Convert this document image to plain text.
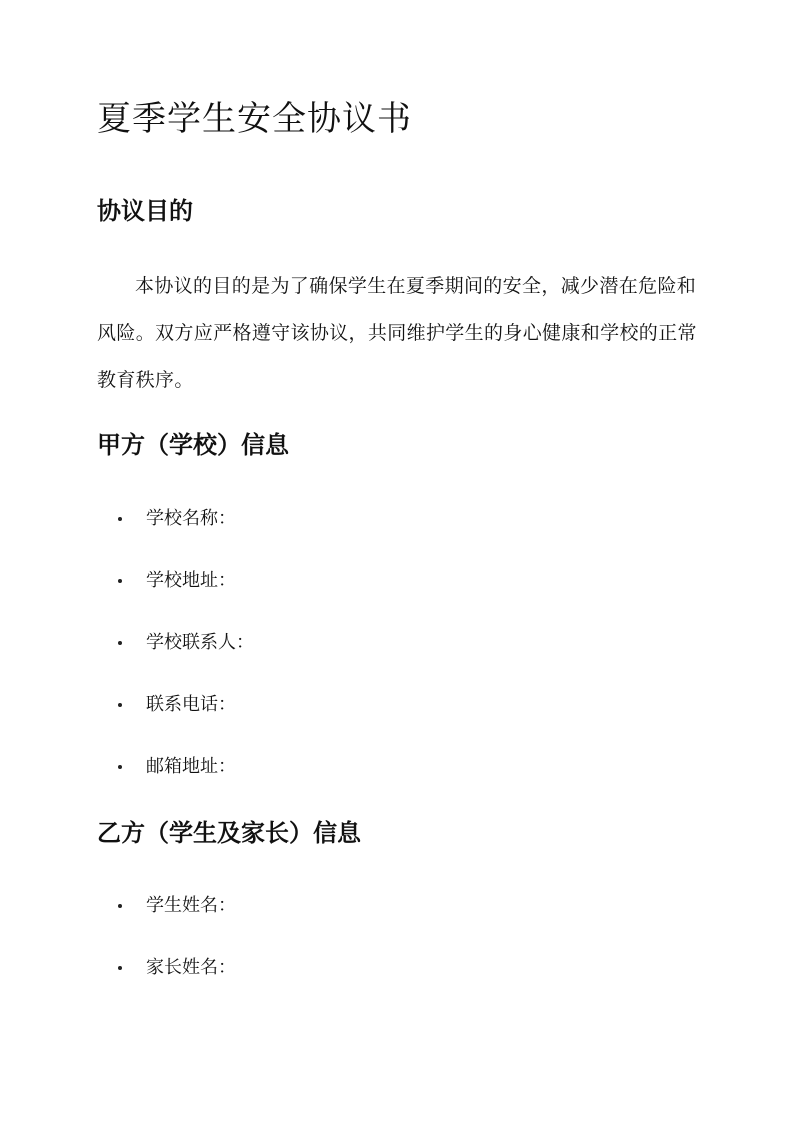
夏季学生安全协议书
协议目的

本协议的目的是为了确保学生在夏季期间的安全，减少潜在危险和风险。双方应严格遵守该协议，共同维护学生的身心健康和学校的正常教育秩序。

甲方（学校）信息
学校名称：
学校地址：
学校联系人：
联系电话：
邮箱地址：
乙方（学生及家长）信息
学生姓名：
家长姓名：
